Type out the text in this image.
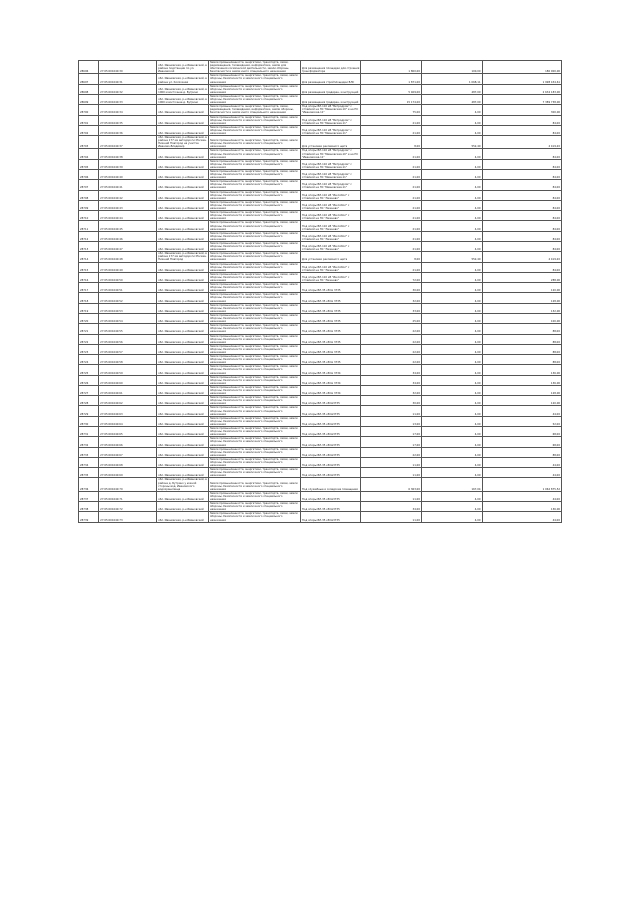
28696	27:05:001040:30	обл. Ивановская, р-н Ивановский, в районе подстанции по ул. Ивановской	Земли промышленности, энергетики, транспорта, связи, радиовещания, телевидения, информатики, земли для обеспечения космической деятельности, земли обороны, безопасности и земли иного специального назначения	Для размещения площадки для строения трансформатора	1 800,00	100,00	180 000,00
28697	27:05:001040:31	обл. Ивановская, р-н Ивановский, в районе ул. Колхозная	Земли промышленности, энергетики, транспорта, связи, земли обороны, безопасности и земли иного специального назначения	Для размещения стройплощадки ВЛС	1 871,00	1 068,11	1 998 434,61
28698	27:05:001040:32	обл. Ивановская, р-н Ивановский, в 1000 м восточнее д. Бутрино	Земли промышленности, энергетики, транспорта, связи, земли обороны, безопасности и земли иного специального назначения	Для размещения градирен, конструкций	5 409,00	487,00	2 634 183,00
28699	27:05:001040:33	обл. Ивановская, р-н Ивановский, в 1000 м восточнее д. Бутрино	Земли промышленности, энергетики, транспорта, связи, земли обороны, безопасности и земли иного специального назначения	Для размещения градирен, конструкций	15 174,00	487,00	7 389 738,00
28700	27:05:001040:34	обл. Ивановская, р-н Ивановский	Земли промышленности, энергетики, транспорта, связи, радиовещания, телевидения, информатики, земли обороны, безопасности и земли иного специального назначения	Под опоры ВЛ-110 кВ "Ветродром" с отпайкой на ПС "Ивановская-10" и на ПС "Ивановская-11"	75,00	4,00	300,00
28701	27:05:001040:35	обл. Ивановская, р-н Ивановский	Земли промышленности, энергетики, транспорта, связи, земли обороны, безопасности и земли иного специального назначения	Под опоры ВЛ-110 кВ "Ветродром" с отпайкой на ПС "Ивановская-11"	21,00	4,00	84,00
28702	27:05:001040:36	обл. Ивановская, р-н Ивановский	Земли промышленности, энергетики, транспорта, связи, земли обороны, безопасности и земли иного специального назначения	Под опоры ВЛ-110 кВ "Ветродром" с отпайкой на ПС "Ивановская-11"	21,00	4,00	84,00
28703	27:05:001040:37	обл. Ивановская, р-н Ивановский, в районе 177 км автодороги Москва-Нижний Новгород на участке Иваново-Владимир	Земли промышленности, энергетики, транспорта, связи, земли обороны, безопасности и земли иного специального назначения	Для установки рекламного щита	8,00	552,40	4 419,20
28704	27:05:001040:38	обл. Ивановская, р-н Ивановский	Земли промышленности, энергетики, транспорта, связи, земли обороны, безопасности и земли иного специального назначения	Под опоры ВЛ-110 кВ "Ветродром" с отпайкой на ПС "Ивановская-10" и на ПС "Ивановская-11"	21,00	4,00	84,00
28705	27:05:001040:39	обл. Ивановская, р-н Ивановский	Земли промышленности, энергетики, транспорта, связи, земли обороны, безопасности и земли иного специального назначения	Под опоры ВЛ-110 кВ "Ветродром" с отпайкой на ПС "Ивановская-11"	21,00	4,00	84,00
28706	27:05:001040:40	обл. Ивановская, р-н Ивановский	Земли промышленности, энергетики, транспорта, связи, земли обороны, безопасности и земли иного специального назначения	Под опоры ВЛ-110 кВ "Ветродром" с отпайкой на ПС "Ивановская-11"	21,00	4,00	84,00
28707	27:05:001040:41	обл. Ивановская, р-н Ивановский	Земли промышленности, энергетики, транспорта, связи, земли обороны, безопасности и земли иного специального назначения	Под опоры ВЛ-110 кВ "Ветродром" с отпайкой на ПС "Ивановская-11"	21,00	4,00	84,00
28708	27:05:001040:42	обл. Ивановская, р-н Ивановский	Земли промышленности, энергетики, транспорта, связи, земли обороны, безопасности и земли иного специального назначения	Под опоры ВЛ-110 кВ "Ив-Собол" с отпайкой на ПС "Лежнево"	21,00	4,00	84,00
28709	27:05:001040:43	обл. Ивановская, р-н Ивановский	Земли промышленности, энергетики, транспорта, связи, земли обороны, безопасности и земли иного специального назначения	Под опоры ВЛ-110 кВ "Ив-Собол" с отпайкой на ПС "Лежнево"	21,00	4,00	84,00
28710	27:05:001040:44	обл. Ивановская, р-н Ивановский	Земли промышленности, энергетики, транспорта, связи, земли обороны, безопасности и земли иного специального назначения	Под опоры ВЛ-110 кВ "Ив-Собол" с отпайкой на ПС "Лежнево"	21,00	4,00	84,00
28711	27:05:001040:45	обл. Ивановская, р-н Ивановский	Земли промышленности, энергетики, транспорта, связи, земли обороны, безопасности и земли иного специального назначения	Под опоры ВЛ-110 кВ "Ив-Собол" с отпайкой на ПС "Лежнево"	21,00	4,00	84,00
28712	27:05:001040:46	обл. Ивановская, р-н Ивановский	Земли промышленности, энергетики, транспорта, связи, земли обороны, безопасности и земли иного специального назначения	Под опоры ВЛ-110 кВ "Ив-Собол" с отпайкой на ПС "Лежнево"	21,00	4,00	84,00
28713	27:05:001040:47	обл. Ивановская, р-н Ивановский	Земли промышленности, энергетики, транспорта, связи, земли обороны, безопасности и земли иного специального назначения	Под опоры ВЛ-110 кВ "Ив-Собол" с отпайкой на ПС "Лежнево"	21,00	4,00	84,00
28714	27:05:001040:48	обл. Ивановская, р-н Ивановский, в районе 177 км автодороги Москва-Нижний Новгород	Земли промышленности, энергетики, транспорта, связи, земли обороны, безопасности и земли иного специального назначения	Для установки рекламного щита	8,00	552,40	4 419,20
28715	27:05:001040:49	обл. Ивановская, р-н Ивановский	Земли промышленности, энергетики, транспорта, связи, земли обороны, безопасности и земли иного специального назначения	Под опоры ВЛ-110 кВ "Ив-Собол" с отпайкой на ПС "Лежнево"	21,00	4,00	84,00
28716	27:05:001040:50	обл. Ивановская, р-н Ивановский	Земли промышленности, энергетики, транспорта, связи, земли обороны, безопасности и земли иного специального назначения	Под опоры ВЛ-110 кВ "Ив-Собол" с отпайкой на ПС "Лежнево"	72,00	4,00	288,00
28717	27:05:001040:51	обл. Ивановская, р-н Ивановский	Земли промышленности, энергетики, транспорта, связи, земли обороны, безопасности и земли иного специального назначения	Под опоры ВЛ-35 кВ № 3735	30,00	4,00	120,00
28718	27:05:001040:52	обл. Ивановская, р-н Ивановский	Земли промышленности, энергетики, транспорта, связи, земли обороны, безопасности и земли иного специального назначения	Под опоры ВЛ-35 кВ № 3735	32,00	4,00	128,00
28719	27:05:001040:53	обл. Ивановская, р-н Ивановский	Земли промышленности, энергетики, транспорта, связи, земли обороны, безопасности и земли иного специального назначения	Под опоры ВЛ-35 кВ № 3735	33,00	4,00	132,00
28720	27:05:001040:54	обл. Ивановская, р-н Ивановский	Земли промышленности, энергетики, транспорта, связи, земли обороны, безопасности и земли иного специального назначения	Под опоры ВЛ-35 кВ № 3735	25,00	4,00	100,00
28721	27:05:001040:55	обл. Ивановская, р-н Ивановский	Земли промышленности, энергетики, транспорта, связи, земли обороны, безопасности и земли иного специального назначения	Под опоры ВЛ-35 кВ № 3735	22,00	4,00	88,00
28722	27:05:001040:56	обл. Ивановская, р-н Ивановский	Земли промышленности, энергетики, транспорта, связи, земли обороны, безопасности и земли иного специального назначения	Под опоры ВЛ-35 кВ № 3735	22,00	4,00	88,00
28723	27:05:001040:57	обл. Ивановская, р-н Ивановский	Земли промышленности, энергетики, транспорта, связи, земли обороны, безопасности и земли иного специального назначения	Под опоры ВЛ-35 кВ № 3735	22,00	4,00	88,00
28724	27:05:001040:58	обл. Ивановская, р-н Ивановский	Земли промышленности, энергетики, транспорта, связи, земли обороны, безопасности и земли иного специального назначения	Под опоры ВЛ-35 кВ № 3735	22,00	4,00	88,00
28725	27:05:001040:59	обл. Ивановская, р-н Ивановский	Земли промышленности, энергетики, транспорта, связи, земли обороны, безопасности и земли иного специального назначения	Под опоры ВЛ-35 кВ № 3734	34,00	4,00	136,00
28726	27:05:001040:60	обл. Ивановская, р-н Ивановский	Земли промышленности, энергетики, транспорта, связи, земли обороны, безопасности и земли иного специального назначения	Под опоры ВЛ-35 кВ № 3734	34,00	4,00	136,00
28727	27:05:001040:61	обл. Ивановская, р-н Ивановский	Земли промышленности, энергетики, транспорта, связи, земли обороны, безопасности и земли иного специального назначения	Под опоры ВЛ-35 кВ № 3734	32,00	4,00	128,00
28728	27:05:001040:62	обл. Ивановская, р-н Ивановский	Земли промышленности, энергетики, транспорта, связи, земли обороны, безопасности и земли иного специального назначения	Под опоры ВЛ-35 кВ №3735	30,00	4,00	120,00
28729	27:05:001040:63	обл. Ивановская, р-н Ивановский	Земли промышленности, энергетики, транспорта, связи, земли обороны, безопасности и земли иного специального назначения	Под опоры ВЛ-35 кВ №3735	11,00	4,00	44,00
28730	27:05:001040:64	обл. Ивановская, р-н Ивановский	Земли промышленности, энергетики, транспорта, связи, земли обороны, безопасности и земли иного специального назначения	Под опоры ВЛ-35 кВ №3735	13,00	4,00	52,00
28731	27:05:001040:65	обл. Ивановская, р-н Ивановский	Земли промышленности, энергетики, транспорта, связи, земли обороны, безопасности и земли иного специального назначения	Под опоры ВЛ-35 кВ №3735	17,00	4,00	68,00
28732	27:05:001040:66	обл. Ивановская, р-н Ивановский	Земли промышленности, энергетики, транспорта, связи, земли обороны, безопасности и земли иного специального назначения	Под опоры ВЛ-35 кВ №3735	17,00	4,00	68,00
28733	27:05:001040:67	обл. Ивановская, р-н Ивановский	Земли промышленности, энергетики, транспорта, связи, земли обороны, безопасности и земли иного специального назначения	Под опоры ВЛ-35 кВ №3735	22,00	4,00	88,00
28734	27:05:001040:68	обл. Ивановская, р-н Ивановский	Земли промышленности, энергетики, транспорта, связи, земли обороны, безопасности и земли иного специального назначения	Под опоры ВЛ-35 кВ №3735	11,00	4,00	44,00
28735	27:05:001040:69	обл. Ивановская, р-н Ивановский	Земли промышленности, энергетики, транспорта, связи, земли обороны, безопасности и земли иного специального назначения	Под опоры ВЛ-35 кВ №3735	11,00	4,00	44,00
28736	27:05:001040:70	обл. Ивановская, р-н Ивановский, в районе д. Бутрино у южной стороны вод. Ивановского водохранилища	Земли промышленности, энергетики, транспорта, связи, земли обороны, безопасности и земли иного специального назначения	Под служебные и складские помещения	6 363,00	167,04	1 062 875,52
28737	27:05:001040:71	обл. Ивановская, р-н Ивановский	Земли промышленности, энергетики, транспорта, связи, земли обороны, безопасности и земли иного специального назначения	Под опоры ВЛ-35 кВ №3735	11,00	4,00	44,00
28738	27:05:001040:72	обл. Ивановская, р-н Ивановский	Земли промышленности, энергетики, транспорта, связи, земли обороны, безопасности и земли иного специального назначения	Под опоры ВЛ-35 кВ №3735	34,00	4,00	136,00
28739	27:05:001040:73	обл. Ивановская, р-н Ивановский	Земли промышленности, энергетики, транспорта, связи, земли обороны, безопасности и земли иного специального назначения	Под опоры ВЛ-35 кВ №3735	11,00	4,00	44,00
